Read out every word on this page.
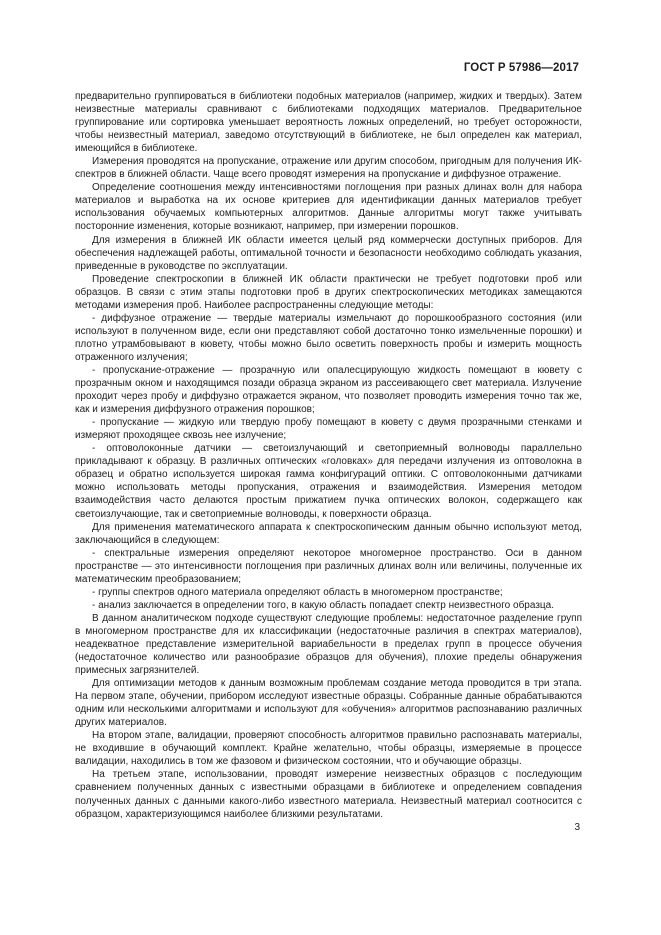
ГОСТ Р 57986—2017

предварительно группироваться в библиотеки подобных материалов (например, жидких и твердых). Затем неизвестные материалы сравнивают с библиотеками подходящих материалов. Предварительное группирование или сортировка уменьшает вероятность ложных определений, но требует осторожности, чтобы неизвестный материал, заведомо отсутствующий в библиотеке, не был определен как материал, имеющийся в библиотеке.

Измерения проводятся на пропускание, отражение или другим способом, пригодным для получения ИК-спектров в ближней области. Чаще всего проводят измерения на пропускание и диффузное отражение.

Определение соотношения между интенсивностями поглощения при разных длинах волн для набора материалов и выработка на их основе критериев для идентификации данных материалов требует использования обучаемых компьютерных алгоритмов. Данные алгоритмы могут также учитывать посторонние изменения, которые возникают, например, при измерении порошков.

Для измерения в ближней ИК области имеется целый ряд коммерчески доступных приборов. Для обеспечения надлежащей работы, оптимальной точности и безопасности необходимо соблюдать указания, приведенные в руководстве по эксплуатации.

Проведение спектроскопии в ближней ИК области практически не требует подготовки проб или образцов. В связи с этим этапы подготовки проб в других спектроскопических методиках замещаются методами измерения проб. Наиболее распространенны следующие методы:

- диффузное отражение — твердые материалы измельчают до порошкообразного состояния (или используют в полученном виде, если они представляют собой достаточно тонко измельченные порошки) и плотно утрамбовывают в кювету, чтобы можно было осветить поверхность пробы и измерить мощность отраженного излучения;

- пропускание-отражение — прозрачную или опалесцирующую жидкость помещают в кювету с прозрачным окном и находящимся позади образца экраном из рассеивающего свет материала. Излучение проходит через пробу и диффузно отражается экраном, что позволяет проводить измерения точно так же, как и измерения диффузного отражения порошков;

- пропускание — жидкую или твердую пробу помещают в кювету с двумя прозрачными стенками и измеряют проходящее сквозь нее излучение;

- оптоволоконные датчики — светоизлучающий и светоприемный волноводы параллельно прикладывают к образцу. В различных оптических «головках» для передачи излучения из оптоволокна в образец и обратно используется широкая гамма конфигураций оптики. С оптоволоконными датчиками можно использовать методы пропускания, отражения и взаимодействия. Измерения методом взаимодействия часто делаются простым прижатием пучка оптических волокон, содержащего как светоизлучающие, так и светоприемные волноводы, к поверхности образца.

Для применения математического аппарата к спектроскопическим данным обычно используют метод, заключающийся в следующем:

- спектральные измерения определяют некоторое многомерное пространство. Оси в данном пространстве — это интенсивности поглощения при различных длинах волн или величины, полученные их математическим преобразованием;

- группы спектров одного материала определяют область в многомерном пространстве;

- анализ заключается в определении того, в какую область попадает спектр неизвестного образца.

В данном аналитическом подходе существуют следующие проблемы: недостаточное разделение групп в многомерном пространстве для их классификации (недостаточные различия в спектрах материалов), неадекватное представление измерительной вариабельности в пределах групп в процессе обучения (недостаточное количество или разнообразие образцов для обучения), плохие пределы обнаружения примесных загрязнителей.

Для оптимизации методов к данным возможным проблемам создание метода проводится в три этапа. На первом этапе, обучении, прибором исследуют известные образцы. Собранные данные обрабатываются одним или несколькими алгоритмами и используют для «обучения» алгоритмов распознаванию различных других материалов.

На втором этапе, валидации, проверяют способность алгоритмов правильно распознавать материалы, не входившие в обучающий комплект. Крайне желательно, чтобы образцы, измеряемые в процессе валидации, находились в том же фазовом и физическом состоянии, что и обучающие образцы.

На третьем этапе, использовании, проводят измерение неизвестных образцов с последующим сравнением полученных данных с известными образцами в библиотеке и определением совпадения полученных данных с данными какого-либо известного материала. Неизвестный материал соотносится с образцом, характеризующимся наиболее близкими результатами.

3
